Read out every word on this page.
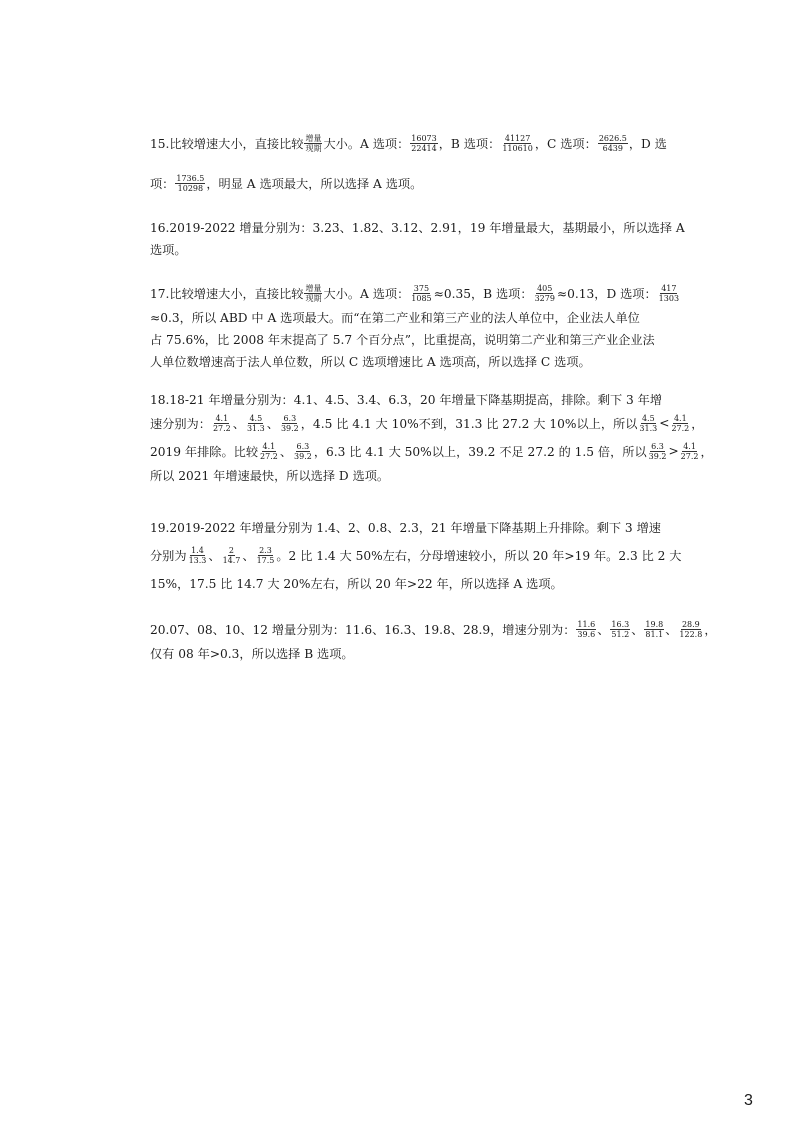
15.比较增速大小，直接比较 $\frac{\text{增量}}{\text{现期}}$ 大小。A 选项： $\frac{16073}{22414}$ ，B 选项： $\frac{41127}{110610}$ ，C 选项： $\frac{2626.5}{6439}$ ，D 选
项： $\frac{1736.5}{10298}$ ，明显 A 选项最大，所以选择 A 选项。
16.2019-2022 增量分别为：3.23、1.82、3.12、2.91，19 年增量最大，基期最小，所以选择 A
选项。
17.比较增速大小，直接比较 $\frac{\text{增量}}{\text{现期}}$ 大小。A 选项： $\frac{375}{1085} \approx 0.35$，B 选项： $\frac{405}{3279} \approx 0.13$，D 选项： $\frac{417}{1303}$
≈0.3，所以 ABD 中 A 选项最大。而“在第二产业和第三产业的法人单位中，企业法人单位
占 75.6%，比 2008 年末提高了 5.7 个百分点”，比重提高，说明第二产业和第三产业企业法
人单位数增速高于法人单位数，所以 C 选项增速比 A 选项高，所以选择 C 选项。
18.18-21 年增量分别为：4.1、4.5、3.4、6.3，20 年增量下降基期提高，排除。剩下 3 年增
速分别为： $\frac{4.1}{27.2}$ 、 $\frac{4.5}{31.3}$ 、 $\frac{6.3}{39.2}$ ，4.5 比 4.1 大 10%不到，31.3 比 27.2 大 10%以上，所以 $\frac{4.5}{31.3} < \frac{4.1}{27.2}$ ，
2019 年排除。比较 $\frac{4.1}{27.2}$ 、 $\frac{6.3}{39.2}$ ，6.3 比 4.1 大 50%以上，39.2 不足 27.2 的 1.5 倍，所以 $\frac{6.3}{39.2} > \frac{4.1}{27.2}$ ，
所以 2021 年增速最快，所以选择 D 选项。
19.2019-2022 年增量分别为 1.4、2、0.8、2.3，21 年增量下降基期上升排除。剩下 3 增速
分别为 $\frac{1.4}{13.3}$ 、 $\frac{2}{14.7}$ 、 $\frac{2.3}{17.5}$ 。2 比 1.4 大 50%左右，分母增速较小，所以 20 年>19 年。2.3 比 2 大
15%，17.5 比 14.7 大 20%左右，所以 20 年>22 年，所以选择 A 选项。
20.07、08、10、12 增量分别为：11.6、16.3、19.8、28.9，增速分别为： $\frac{11.6}{39.6}$ 、 $\frac{16.3}{51.2}$ 、 $\frac{19.8}{81.1}$ 、 $\frac{28.9}{122.8}$ ，
仅有 08 年>0.3，所以选择 B 选项。
3
